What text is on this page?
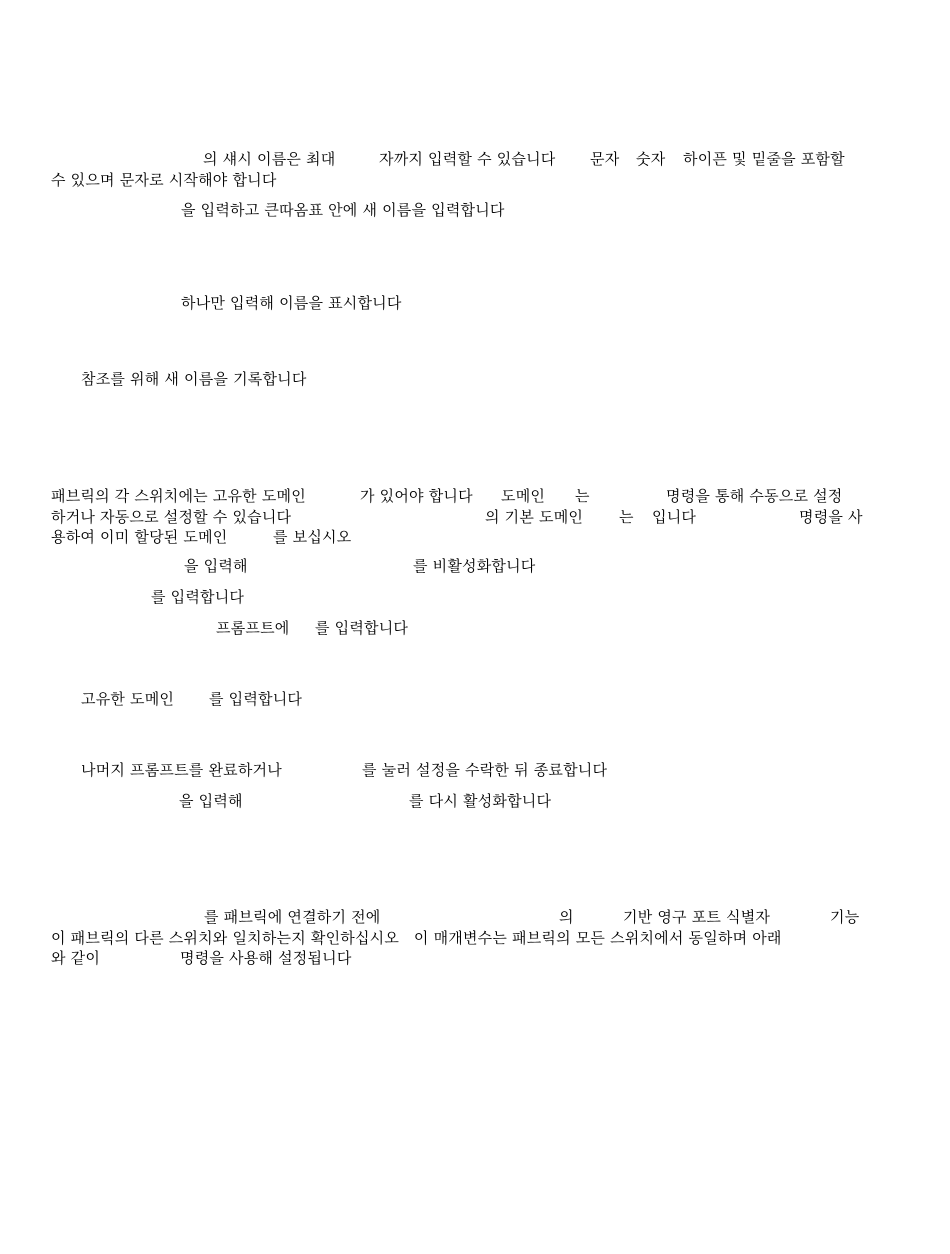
의 섀시 이름은 최대	자까지 입력할 수 있습니다 문자 숫자 하이픈 및 밑줄을 포함할
수 있으며 문자로 시작해야 합니다
을 입력하고 큰따옴표 안에 새 이름을 입력합니다
하나만 입력해 이름을 표시합니다
참조를 위해 새 이름을 기록합니다
패브릭의 각 스위치에는 고유한 도메인	가 있어야 합니다 도메인 는	명령을 통해 수동으로 설정
하거나 자동으로 설정할 수 있습니다	의 기본 도메인 는 입니다	명령을 사
용하여 이미 할당된 도메인	를 보십시오
을 입력해	를 비활성화합니다
를 입력합니다
프롬프트에 를 입력합니다
고유한 도메인 를 입력합니다
나머지 프롬프트를 완료하거나	를 눌러 설정을 수락한 뒤 종료합니다
을 입력해	를 다시 활성화합니다
를 패브릭에 연결하기 전에	의	기반 영구 포트 식별자	기능
이 패브릭의 다른 스위치와 일치하는지 확인하십시오   이 매개변수는 패브릭의 모든 스위치에서 동일하며 아래
와 같이	명령을 사용해 설정됩니다
